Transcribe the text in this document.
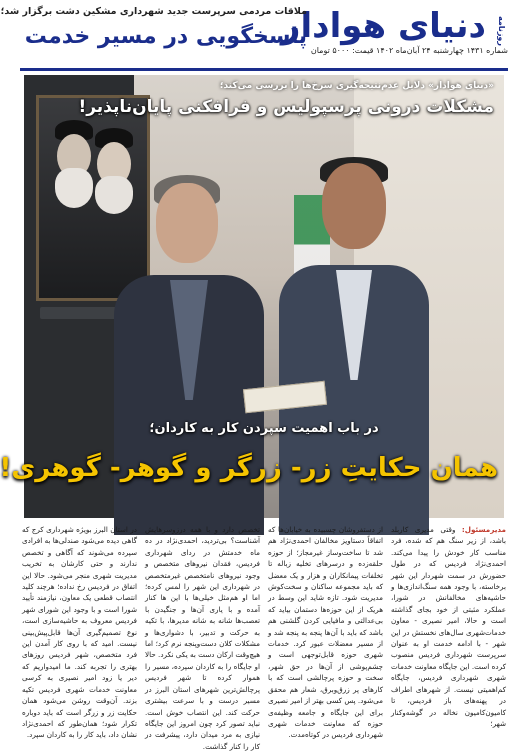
دنیای هوادار	روزنامه
شماره ۱۴۳۱ چهارشنبه ۲۴ آبان‌ماه ۱۴۰۲ قیمت: ۵۰۰۰ تومان
ملاقات مردمی سرپرست جدید شهرداری مشکین دشت برگزار شد؛
پاسخگویی در مسیر خدمت
«دنیای هوادار» دلایل عدم‌نتیجه‌گیری سرخ‌ها را بررسی می‌کند؛
مشکلات درونی پرسپولیس و فرافکنی پایان‌ناپذیر!
در باب اهمیت سپردن کار به کاردان؛
همان حکایتِ زر- زرگر و گوهر- گوهری!
مدیرمسئول: وقتی مدیری کاربلد باشد، از زیر سنگ هم که شده، فرد مناسب کار خودش را پیدا می‌کند. احمدی‌نژاد فردیس که در طول حضورش در سمت شهردار این شهر برخاسته، با وجود همه سنگ‌اندازی‌ها و حاشیه‌های مخالفانش در شورا، عملکرد مثبتی از خود بجای گذاشته است و حالا، امیر نصیری - معاون خدمات‌شهری سال‌های نخستش در این شهر - با ادامه خدمت او به عنوان سرپرست شهرداری فردیس منصوب کرده است. این جایگاه معاونت خدمات شهری شهرداری فردیس، جایگاه کم‌اهمیتی نیست. از شهرهای اطراف در پهنه‌های باز فردیس، تا کامیون‌کامیون نخاله در گوشه‌وکنار شهر؛
از دستفروشان چسبیده به خیابان‌ها که اتفاقاً دستاویز مخالفان احمدی‌نژاد هم شد تا ساخت‌وساز غیرمجاز؛ از حوزه حلقه‌زده و درسرهای تخلیه زباله تا تخلفات پیمانکاران و هزار و یک معضل که باید مجموعه ساکنان و سخت‌کوش مدیریت شود. تازه شاید این وسط در هریک از این حوزه‌ها دستمان بیاید که بی‌عدالتی و مافیایی کردن گلشنی هم باشد که باید با آن‌ها پنجه به پنجه شد و از مسیر معضلات عبور کرد. خدمات شهری حوزه قابل‌توجهی است و چشم‌پوشی از آن‌ها در حق شهر، سخت و حوزه پرچالشی است که با کارهای پر زرق‌وبرق، شعار هم محقق می‌شود. پس کسی بهتر از امیر نصیری برای این جایگاه و جامعه وظیفه‌ی حوزه که معاونت خدمات شهری شهرداری فردیس در کوتاه‌مدت.
تخصص دارد و با همه درزوسرهایش آشناست؟ بی‌تردید، احمدی‌نژاد در ده ماه خدمتش در ردای شهرداری فردیس، فقدان نیروهای متخصص و وجود نیروهای نا‌متخصص غیرمتخصص در شهرداری این شهر را لمس کرده؛ اما او هم‌مثل خیلی‌ها با این ها کنار آمده و با یاری آن‌ها و جنگیدن با تعصب‌ها شانه به شانه مدیرها، با تکیه به حرکت و تدبیر، با دشواری‌ها و مشکلات کلان دست‌وپنجه نرم کرد؛ اما هیچ‌وقت ارکان دست به یکی نکرد. حالا او جایگاه را به کاردان سپرده، مسیر را هموار کرده تا شهر فردیس پرچالش‌ترین شهرهای استان البرز در مسیر درست و با سرعت بیشتری حرکت کند. این انتصاب خوش است. نباید تصور کرد چون امروز این جایگاه نیازی به مرد میدان دارد، پیشرفت در کار را کنار گذاشت.
در استان البرز بویژه شهرداری کرج که گاهی دیده می‌شود صندلی‌ها به افرادی سپرده می‌شوند که آگاهی و تخصص ندارند و حتی کارشان به تخریب مدیریت شهری منجر می‌شود. حالا این اتفاق در فردیس رخ نداده؛ هرچند کلید انتصاب قطعی یک معاون، نیازمند تأیید شورا است و با وجود این شورای شهر فردیس معروف به حاشیه‌سازی است، نوع تصمیم‌گیری آن‌ها قابل‌پیش‌بینی نیست. امید که با روی کار آمدن این فرد متخصص، شهر فردیس روزهای بهتری را تجربه کند. ما امیدواریم که دیر یا زود امیر نصیری به کرسی معاونت خدمات شهری فردیس تکیه بزند. آن‌وقت روشن می‌شود همان حکایت زر و زرگر است که باید دوباره تکرار شود؛ همان‌طور که احمدی‌نژاد نشان داد، باید کار را به کاردان سپرد.
